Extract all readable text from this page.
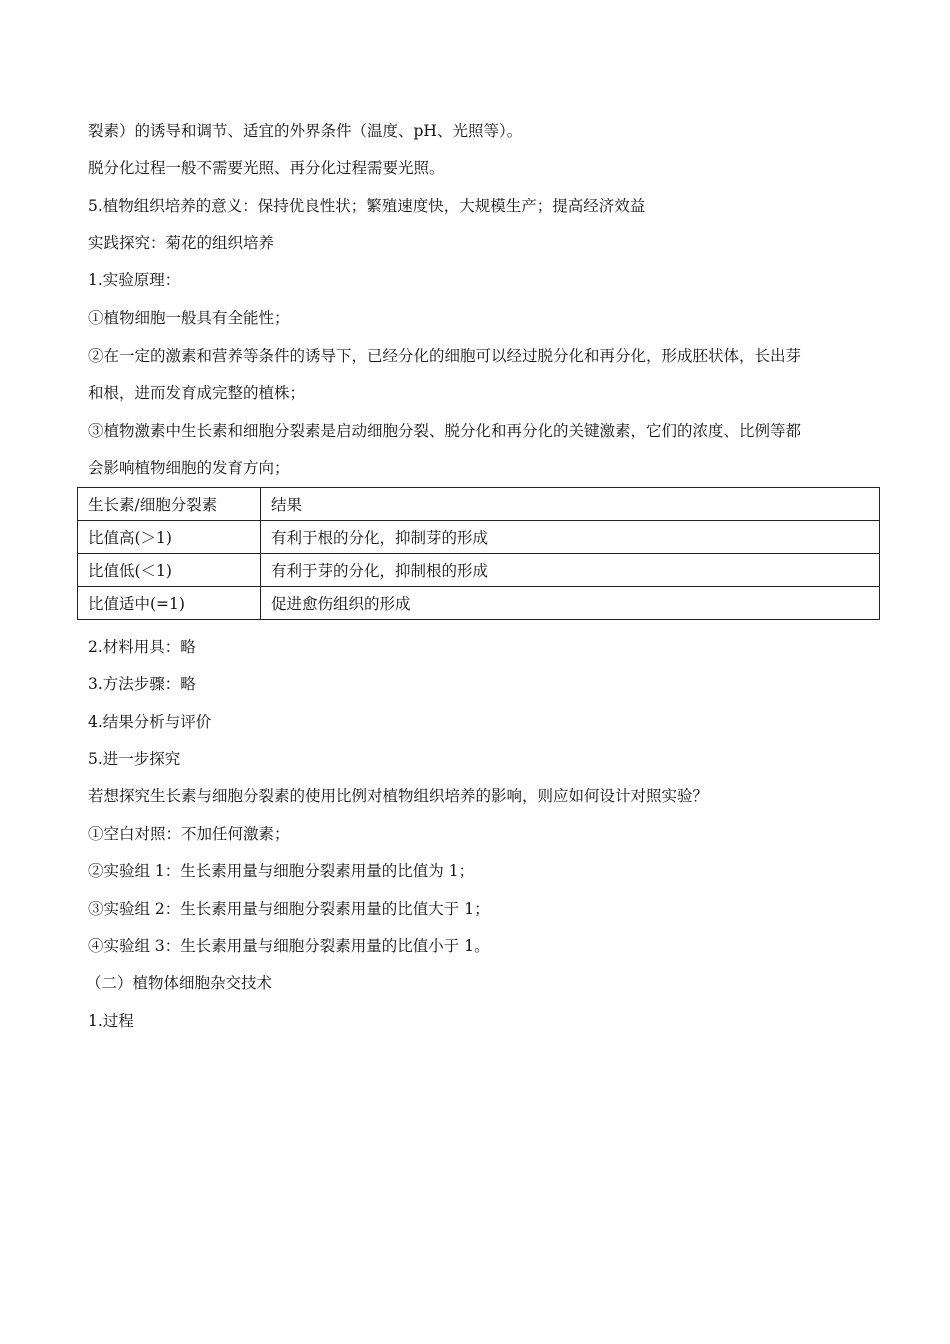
裂素）的诱导和调节、适宜的外界条件（温度、pH、光照等）。
脱分化过程一般不需要光照、再分化过程需要光照。
5.植物组织培养的意义：保持优良性状；繁殖速度快，大规模生产；提高经济效益
实践探究：菊花的组织培养
1.实验原理：
①植物细胞一般具有全能性；
②在一定的激素和营养等条件的诱导下，已经分化的细胞可以经过脱分化和再分化，形成胚状体，长出芽
和根，进而发育成完整的植株；
③植物激素中生长素和细胞分裂素是启动细胞分裂、脱分化和再分化的关键激素，它们的浓度、比例等都
会影响植物细胞的发育方向；
生长素/细胞分裂素	结果
比值高(＞1)	有利于根的分化，抑制芽的形成
比值低(＜1)	有利于芽的分化，抑制根的形成
比值适中(=1)	促进愈伤组织的形成
2.材料用具：略
3.方法步骤：略
4.结果分析与评价
5.进一步探究
若想探究生长素与细胞分裂素的使用比例对植物组织培养的影响，则应如何设计对照实验？
①空白对照：不加任何激素；
②实验组 1：生长素用量与细胞分裂素用量的比值为 1；
③实验组 2：生长素用量与细胞分裂素用量的比值大于 1；
④实验组 3：生长素用量与细胞分裂素用量的比值小于 1。
（二）植物体细胞杂交技术
1.过程
